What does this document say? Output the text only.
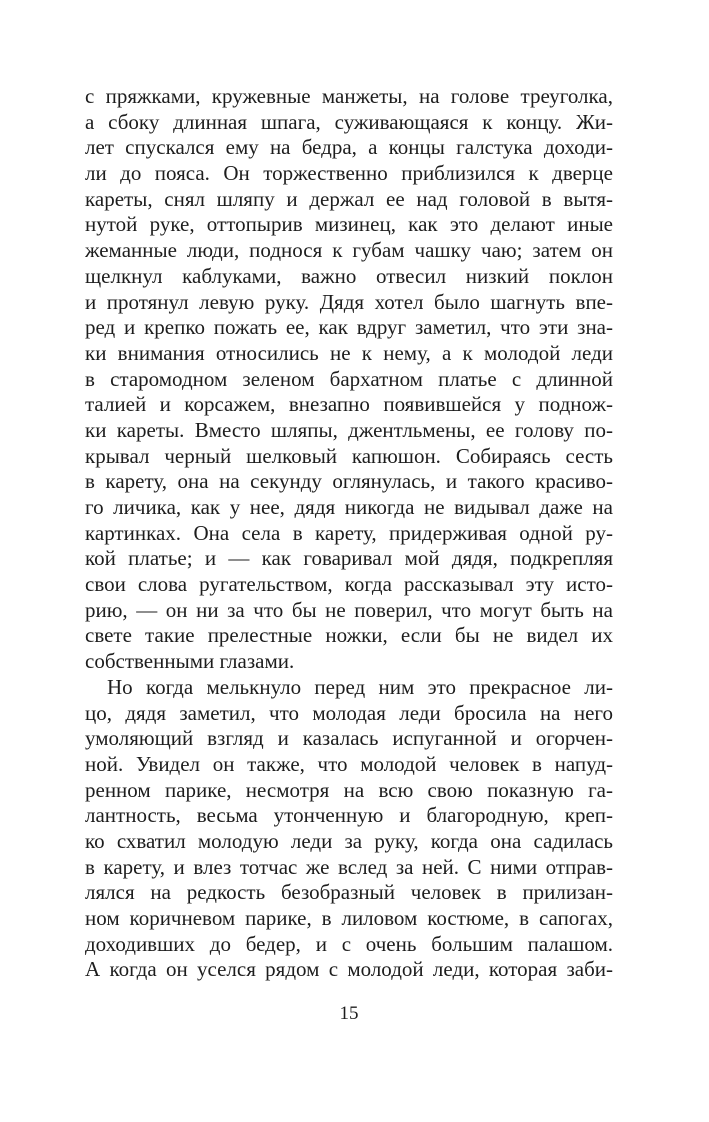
с пряжками, кружевные манжеты, на голове треуголка,
а сбоку длинная шпага, суживающаяся к концу. Жи-
лет спускался ему на бедра, а концы галстука доходи-
ли до пояса. Он торжественно приблизился к дверце
кареты, снял шляпу и держал ее над головой в вытя-
нутой руке, оттопырив мизинец, как это делают иные
жеманные люди, поднося к губам чашку чаю; затем он
щелкнул каблуками, важно отвесил низкий поклон
и протянул левую руку. Дядя хотел было шагнуть впе-
ред и крепко пожать ее, как вдруг заметил, что эти зна-
ки внимания относились не к нему, а к молодой леди
в старомодном зеленом бархатном платье с длинной
талией и корсажем, внезапно появившейся у поднож-
ки кареты. Вместо шляпы, джентльмены, ее голову по-
крывал черный шелковый капюшон. Собираясь сесть
в карету, она на секунду оглянулась, и такого красиво-
го личика, как у нее, дядя никогда не видывал даже на
картинках. Она села в карету, придерживая одной ру-
кой платье; и — как говаривал мой дядя, подкрепляя
свои слова ругательством, когда рассказывал эту исто-
рию, — он ни за что бы не поверил, что могут быть на
свете такие прелестные ножки, если бы не видел их
собственными глазами.
Но когда мелькнуло перед ним это прекрасное ли-
цо, дядя заметил, что молодая леди бросила на него
умоляющий взгляд и казалась испуганной и огорчен-
ной. Увидел он также, что молодой человек в напуд-
ренном парике, несмотря на всю свою показную га-
лантность, весьма утонченную и благородную, креп-
ко схватил молодую леди за руку, когда она садилась
в карету, и влез тотчас же вслед за ней. С ними отправ-
лялся на редкость безобразный человек в прилизан-
ном коричневом парике, в лиловом костюме, в сапогах,
доходивших до бедер, и с очень большим палашом.
А когда он уселся рядом с молодой леди, которая заби-
15
